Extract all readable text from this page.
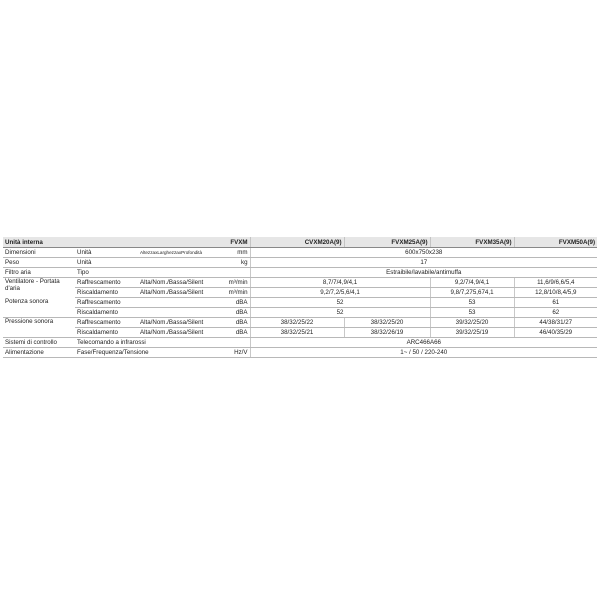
Unità interna			FVXM	CVXM20A(9)	FVXM25A(9)	FVXM35A(9)	FVXM50A(9)
Dimensioni	Unità	AltezzaxLarghezzaxProfondità	mm	600x750x238			
Peso	Unità		kg	17			
Filtro aria	Tipo			Estraibile/lavabile/antimuffa			
Ventilatore - Portata d'aria	Raffrescamento	Alta/Nom./Bassa/Silent	m³/min	8,7/7/4,9/4,1		9,2/7/4,9/4,1	11,6/9/6,6/5,4
	Riscaldamento	Alta/Nom./Bassa/Silent	m³/min	9,2/7,2/5,6/4,1		9,8/7,275,674,1	12,8/10/8,4/5,9
Potenza sonora	Raffrescamento		dBA	52		53	61
	Riscaldamento		dBA	52		53	62
Pressione sonora	Raffrescamento	Alta/Nom./Bassa/Silent	dBA	38/32/25/22	38/32/25/20	39/32/25/20	44/38/31/27
	Riscaldamento	Alta/Nom./Bassa/Silent	dBA	38/32/25/21	38/32/26/19	39/32/25/19	46/40/35/29
Sistemi di controllo	Telecomando a infrarossi			ARC466A66			
Alimentazione	Fase/Frequenza/Tensione		Hz/V	1~ / 50 / 220-240			
